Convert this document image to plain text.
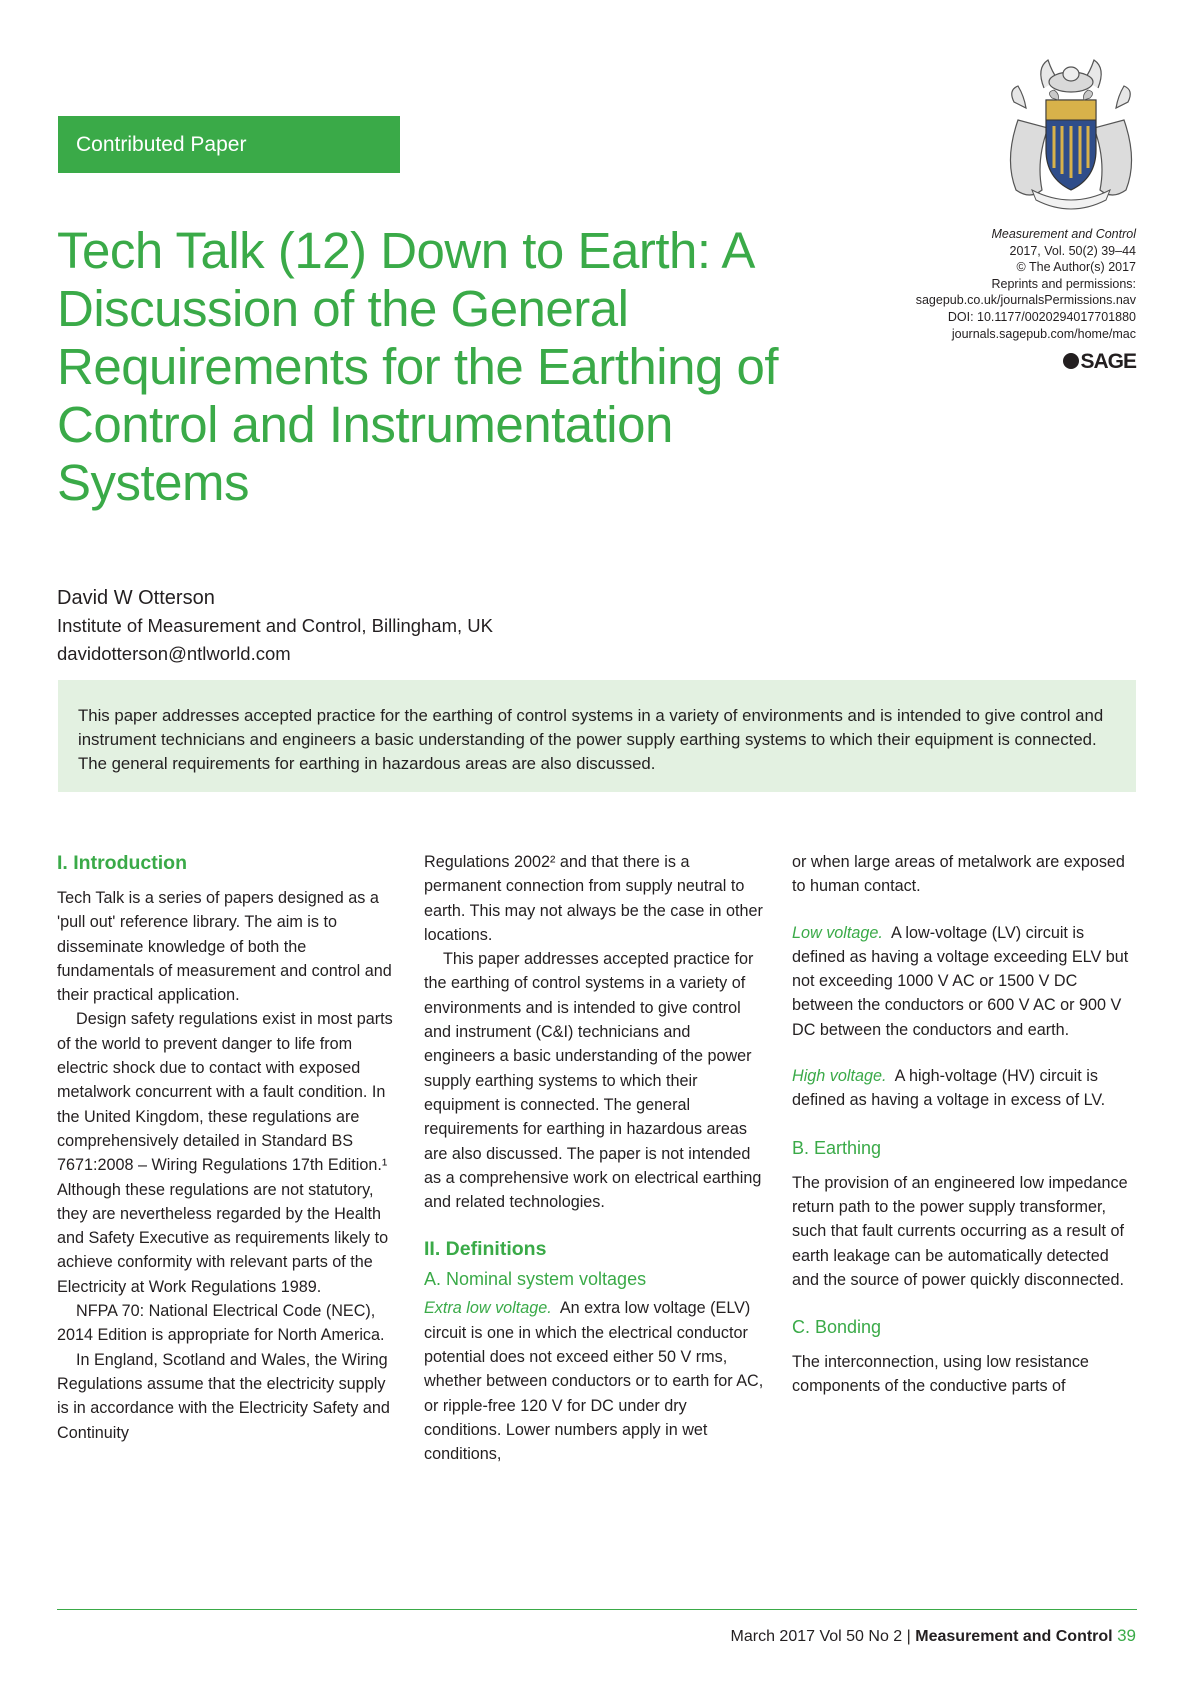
Contributed Paper
Tech Talk (12) Down to Earth: A Discussion of the General Requirements for the Earthing of Control and Instrumentation Systems
Measurement and Control
2017, Vol. 50(2) 39–44
© The Author(s) 2017
Reprints and permissions:
sagepub.co.uk/journalsPermissions.nav
DOI: 10.1177/0020294017701880
journals.sagepub.com/home/mac
SAGE
David W Otterson
Institute of Measurement and Control, Billingham, UK
davidotterson@ntlworld.com
This paper addresses accepted practice for the earthing of control systems in a variety of environments and is intended to give control and instrument technicians and engineers a basic understanding of the power supply earthing systems to which their equipment is connected. The general requirements for earthing in hazardous areas are also discussed.
I. Introduction

Tech Talk is a series of papers designed as a 'pull out' reference library. The aim is to disseminate knowledge of both the fundamentals of measurement and control and their practical application.

Design safety regulations exist in most parts of the world to prevent danger to life from electric shock due to contact with exposed metalwork concurrent with a fault condition. In the United Kingdom, these regulations are comprehensively detailed in Standard BS 7671:2008 – Wiring Regulations 17th Edition.¹ Although these regulations are not statutory, they are nevertheless regarded by the Health and Safety Executive as requirements likely to achieve conformity with relevant parts of the Electricity at Work Regulations 1989.

NFPA 70: National Electrical Code (NEC), 2014 Edition is appropriate for North America.

In England, Scotland and Wales, the Wiring Regulations assume that the electricity supply is in accordance with the Electricity Safety and Continuity

Regulations 2002² and that there is a permanent connection from supply neutral to earth. This may not always be the case in other locations.

This paper addresses accepted practice for the earthing of control systems in a variety of environments and is intended to give control and instrument (C&I) technicians and engineers a basic understanding of the power supply earthing systems to which their equipment is connected. The general requirements for earthing in hazardous areas are also discussed. The paper is not intended as a comprehensive work on electrical earthing and related technologies.

II. Definitions
A. Nominal system voltages

Extra low voltage. An extra low voltage (ELV) circuit is one in which the electrical conductor potential does not exceed either 50 V rms, whether between conductors or to earth for AC, or ripple-free 120 V for DC under dry conditions. Lower numbers apply in wet conditions,

or when large areas of metalwork are exposed to human contact.

Low voltage. A low-voltage (LV) circuit is defined as having a voltage exceeding ELV but not exceeding 1000 V AC or 1500 V DC between the conductors or 600 V AC or 900 V DC between the conductors and earth.

High voltage. A high-voltage (HV) circuit is defined as having a voltage in excess of LV.

B. Earthing

The provision of an engineered low impedance return path to the power supply transformer, such that fault currents occurring as a result of earth leakage can be automatically detected and the source of power quickly disconnected.

C. Bonding

The interconnection, using low resistance components of the conductive parts of

March 2017 Vol 50 No 2 | Measurement and Control 39
